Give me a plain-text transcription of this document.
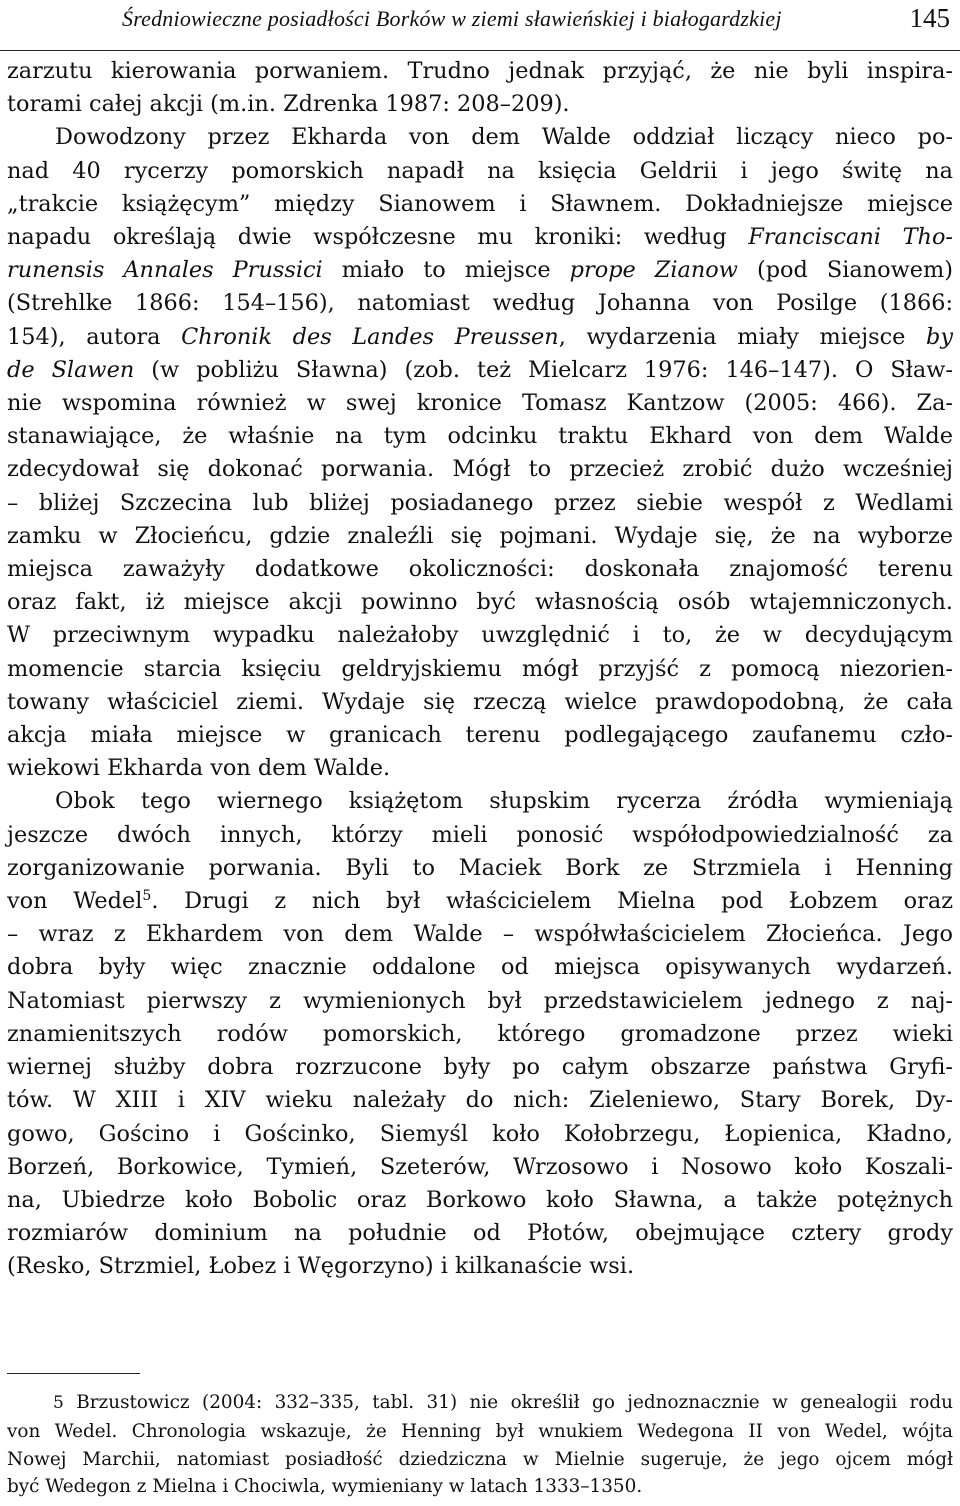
Średniowieczne posiadłości Borków w ziemi sławieńskiej i białogardzkiej	145
zarzutu kierowania porwaniem. Trudno jednak przyjąć, że nie byli inspira-
torami całej akcji (m.in. Zdrenka 1987: 208–209).
Dowodzony przez Ekharda von dem Walde oddział liczący nieco po-
nad 40 rycerzy pomorskich napadł na księcia Geldrii i jego świtę na
„trakcie książęcym” między Sianowem i Sławnem. Dokładniejsze miejsce
napadu określają dwie współczesne mu kroniki: według Franciscani Tho-
runensis Annales Prussici miało to miejsce prope Zianow (pod Sianowem)
(Strehlke 1866: 154–156), natomiast według Johanna von Posilge (1866:
154), autora Chronik des Landes Preussen, wydarzenia miały miejsce by
de Slawen (w pobliżu Sławna) (zob. też Mielcarz 1976: 146–147). O Sław-
nie wspomina również w swej kronice Tomasz Kantzow (2005: 466). Za-
stanawiające, że właśnie na tym odcinku traktu Ekhard von dem Walde
zdecydował się dokonać porwania. Mógł to przecież zrobić dużo wcześniej
– bliżej Szczecina lub bliżej posiadanego przez siebie wespół z Wedlami
zamku w Złocieńcu, gdzie znaleźli się pojmani. Wydaje się, że na wyborze
miejsca zaważyły dodatkowe okoliczności: doskonała znajomość terenu
oraz fakt, iż miejsce akcji powinno być własnością osób wtajemniczonych.
W przeciwnym wypadku należałoby uwzględnić i to, że w decydującym
momencie starcia księciu geldryjskiemu mógł przyjść z pomocą niezorien-
towany właściciel ziemi. Wydaje się rzeczą wielce prawdopodobną, że cała
akcja miała miejsce w granicach terenu podlegającego zaufanemu czło-
wiekowi Ekharda von dem Walde.
Obok tego wiernego książętom słupskim rycerza źródła wymieniają
jeszcze dwóch innych, którzy mieli ponosić współodpowiedzialność za
zorganizowanie porwania. Byli to Maciek Bork ze Strzmiela i Henning
von Wedel$^5$. Drugi z nich był właścicielem Mielna pod Łobzem oraz
– wraz z Ekhardem von dem Walde – współwłaścicielem Złocieńca. Jego
dobra były więc znacznie oddalone od miejsca opisywanych wydarzeń.
Natomiast pierwszy z wymienionych był przedstawicielem jednego z naj-
znamienitszych rodów pomorskich, którego gromadzone przez wieki
wiernej służby dobra rozrzucone były po całym obszarze państwa Gryfi-
tów. W XIII i XIV wieku należały do nich: Zieleniewo, Stary Borek, Dy-
gowo, Gościno i Gościnko, Siemyśl koło Kołobrzegu, Łopienica, Kładno,
Borzeń, Borkowice, Tymień, Szeterów, Wrzosowo i Nosowo koło Koszali-
na, Ubiedrze koło Bobolic oraz Borkowo koło Sławna, a także potężnych
rozmiarów dominium na południe od Płotów, obejmujące cztery grody
(Resko, Strzmiel, Łobez i Węgorzyno) i kilkanaście wsi.
5 Brzustowicz (2004: 332–335, tabl. 31) nie określił go jednoznacznie w genealogii rodu
von Wedel. Chronologia wskazuje, że Henning był wnukiem Wedegona II von Wedel, wójta
Nowej Marchii, natomiast posiadłość dziedziczna w Mielnie sugeruje, że jego ojcem mógł
być Wedegon z Mielna i Chociwla, wymieniany w latach 1333–1350.
